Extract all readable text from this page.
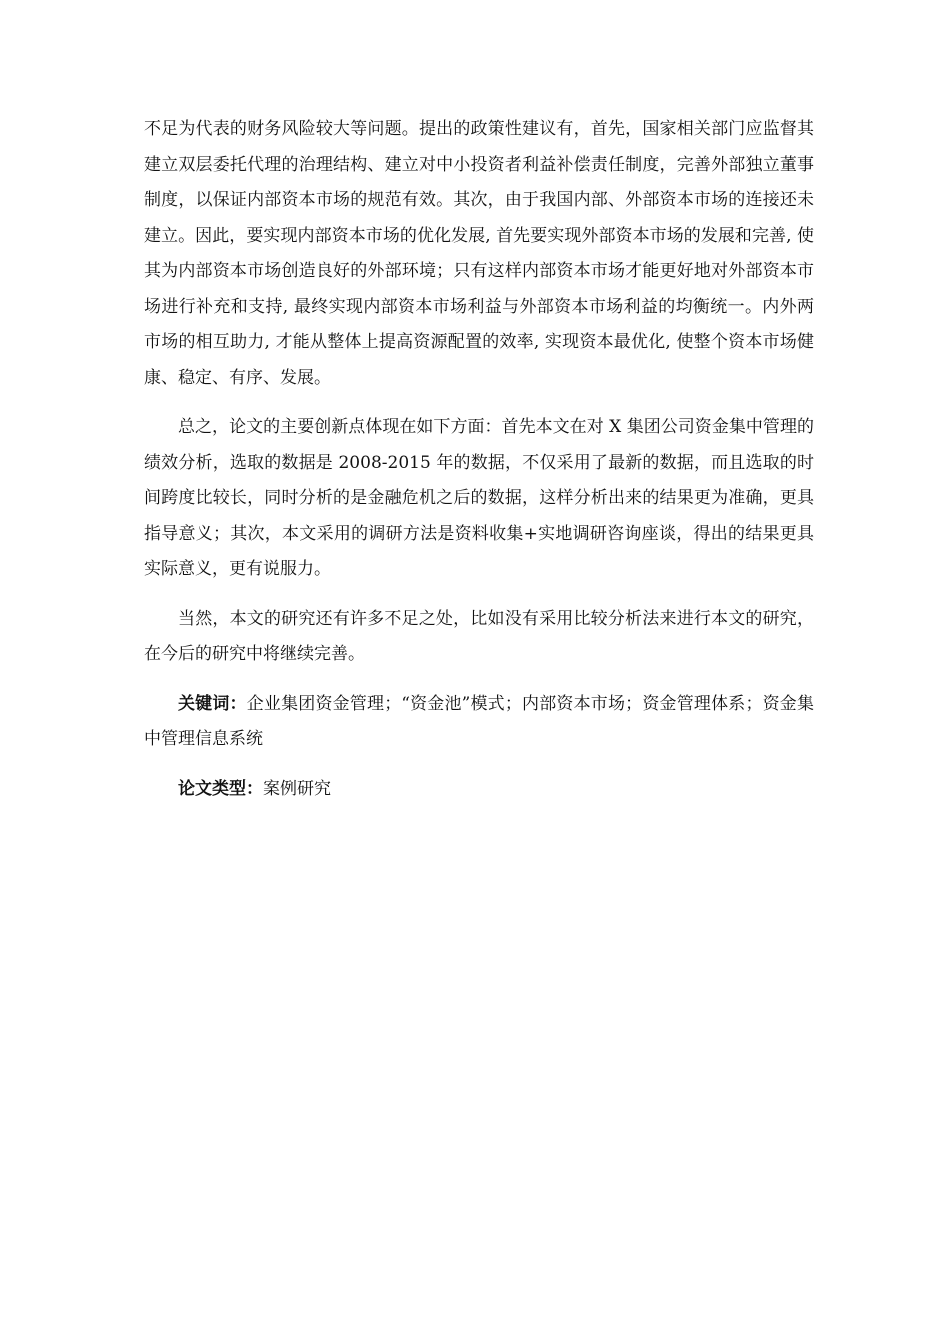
不足为代表的财务风险较大等问题。提出的政策性建议有，首先，国家相关部门应监督其建立双层委托代理的治理结构、建立对中小投资者利益补偿责任制度，完善外部独立董事制度，以保证内部资本市场的规范有效。其次，由于我国内部、外部资本市场的连接还未建立。因此，要实现内部资本市场的优化发展, 首先要实现外部资本市场的发展和完善, 使其为内部资本市场创造良好的外部环境；只有这样内部资本市场才能更好地对外部资本市场进行补充和支持, 最终实现内部资本市场利益与外部资本市场利益的均衡统一。内外两市场的相互助力, 才能从整体上提高资源配置的效率, 实现资本最优化, 使整个资本市场健康、稳定、有序、发展。

总之，论文的主要创新点体现在如下方面：首先本文在对 X 集团公司资金集中管理的绩效分析，选取的数据是 2008-2015 年的数据，不仅采用了最新的数据，而且选取的时间跨度比较长，同时分析的是金融危机之后的数据，这样分析出来的结果更为准确，更具指导意义；其次，本文采用的调研方法是资料收集+实地调研咨询座谈，得出的结果更具实际意义，更有说服力。

当然，本文的研究还有许多不足之处，比如没有采用比较分析法来进行本文的研究，在今后的研究中将继续完善。

关键词：企业集团资金管理；“资金池”模式；内部资本市场；资金管理体系；资金集中管理信息系统

论文类型：案例研究
